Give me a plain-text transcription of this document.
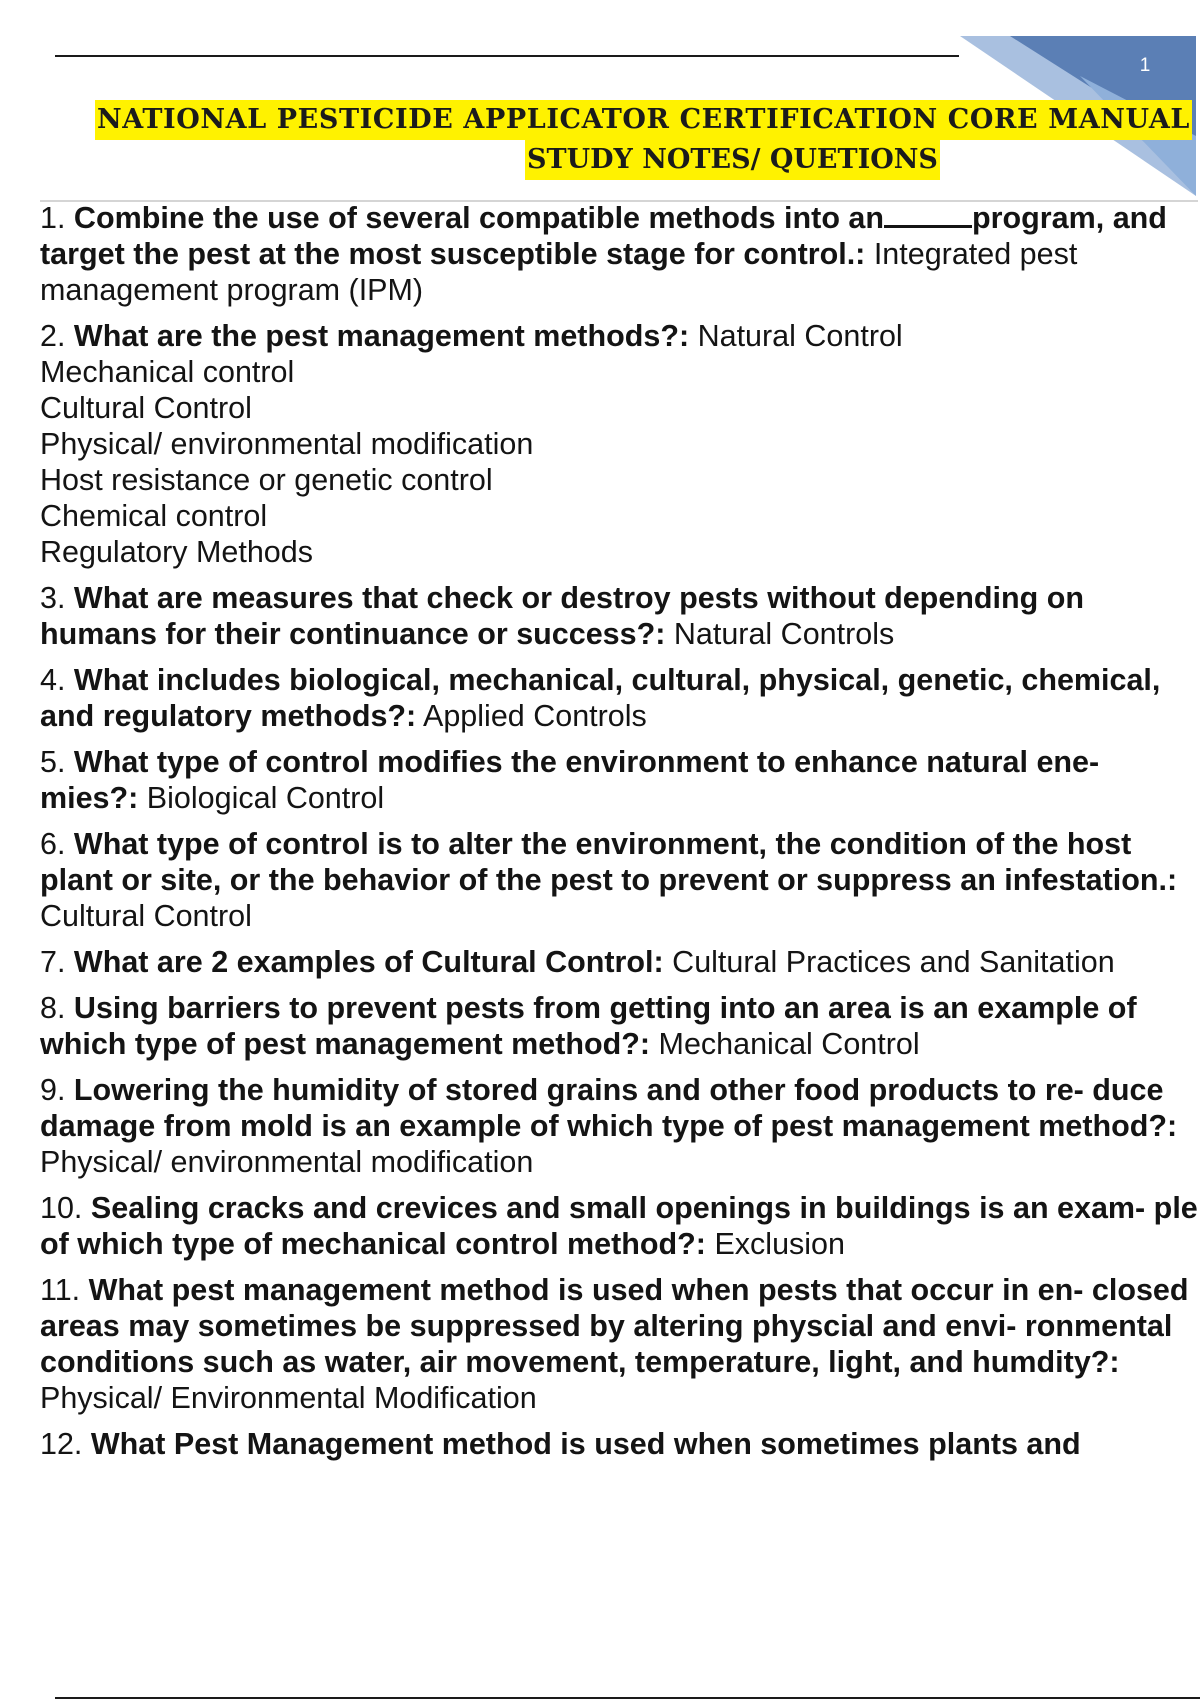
1
NATIONAL PESTICIDE APPLICATOR CERTIFICATION CORE MANUAL
STUDY NOTES/ QUETIONS

1. Combine the use of several compatible methods into an	program, and target the pest at the most susceptible stage for control.: Integrated pest management program (IPM)

2. What are the pest management methods?: Natural Control
Mechanical control
Cultural Control
Physical/ environmental modification
Host resistance or genetic control
Chemical control
Regulatory Methods

3. What are measures that check or destroy pests without depending on humans for their continuance or success?: Natural Controls

4. What includes biological, mechanical, cultural, physical, genetic, chemical, and regulatory methods?: Applied Controls

5. What type of control modifies the environment to enhance natural ene- mies?: Biological Control

6. What type of control is to alter the environment, the condition of the host plant or site, or the behavior of the pest to prevent or suppress an infestation.: Cultural Control

7. What are 2 examples of Cultural Control: Cultural Practices and Sanitation

8. Using barriers to prevent pests from getting into an area is an example of which type of pest management method?: Mechanical Control

9. Lowering the humidity of stored grains and other food products to re- duce damage from mold is an example of which type of pest management method?: Physical/ environmental modification

10. Sealing cracks and crevices and small openings in buildings is an exam- ple of which type of mechanical control method?: Exclusion

11. What pest management method is used when pests that occur in en- closed areas may sometimes be suppressed by altering physcial and envi- ronmental conditions such as water, air movement, temperature, light, and humdity?: Physical/ Environmental Modification

12. What Pest Management method is used when sometimes plants and
